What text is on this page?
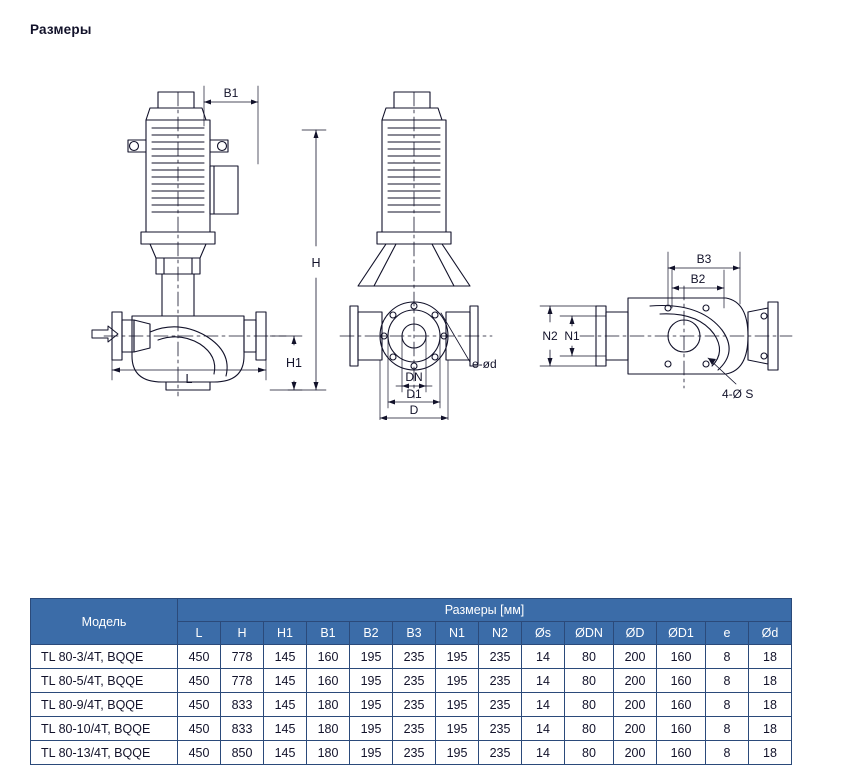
Размеры
B1
H
H1
L
e-ød
DN
D1
D
4-Ø S
B3
B2
N1
N2
Модель	Размеры [мм]													
	L	H	H1	B1	B2	B3	N1	N2	Øs	ØDN	ØD	ØD1	e	Ød
TL 80-3/4T, BQQE	450	778	145	160	195	235	195	235	14	80	200	160	8	18
TL 80-5/4T, BQQE	450	778	145	160	195	235	195	235	14	80	200	160	8	18
TL 80-9/4T, BQQE	450	833	145	180	195	235	195	235	14	80	200	160	8	18
TL 80-10/4T, BQQE	450	833	145	180	195	235	195	235	14	80	200	160	8	18
TL 80-13/4T, BQQE	450	850	145	180	195	235	195	235	14	80	200	160	8	18
